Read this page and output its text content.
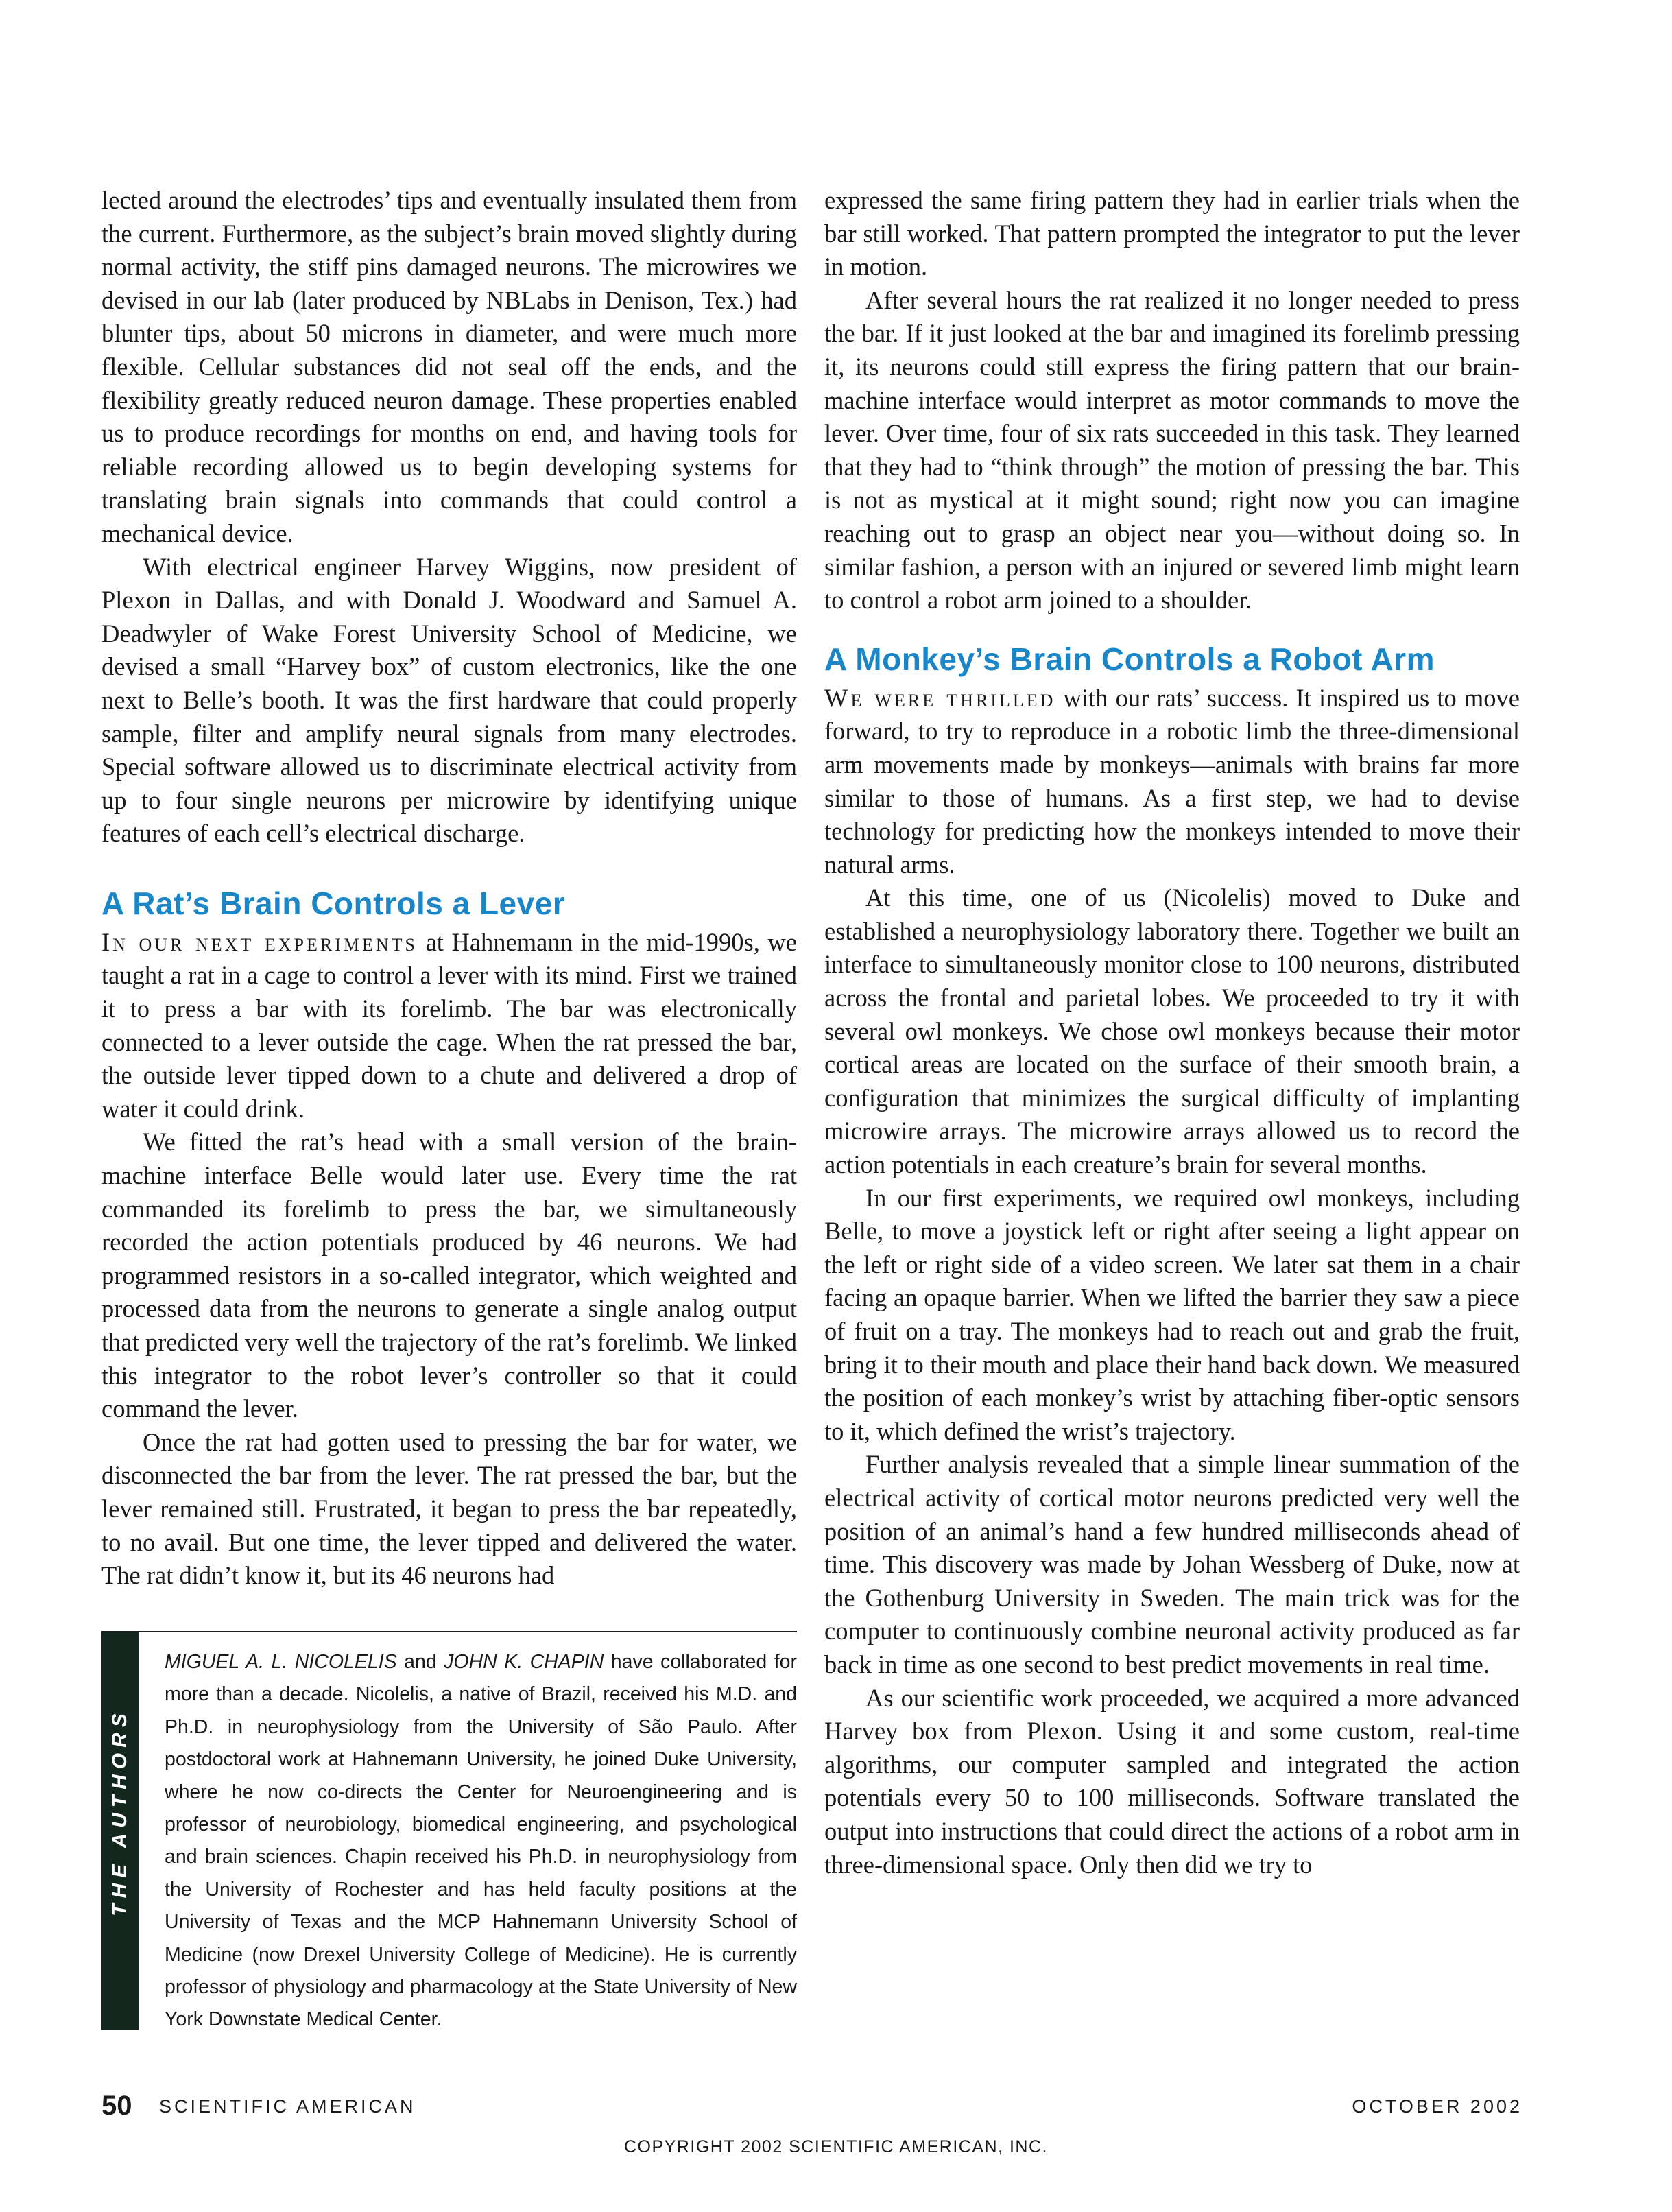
lected around the electrodes’ tips and eventually insulated them from the current. Furthermore, as the subject’s brain moved slightly during normal activity, the stiff pins damaged neurons. The microwires we devised in our lab (later produced by NBLabs in Denison, Tex.) had blunter tips, about 50 microns in diameter, and were much more flexible. Cellular substances did not seal off the ends, and the flexibility greatly reduced neuron damage. These properties enabled us to produce recordings for months on end, and having tools for reliable recording allowed us to begin developing systems for translating brain signals into commands that could control a mechanical device.

With electrical engineer Harvey Wiggins, now president of Plexon in Dallas, and with Donald J. Woodward and Samuel A. Deadwyler of Wake Forest University School of Medicine, we devised a small “Harvey box” of custom electronics, like the one next to Belle’s booth. It was the first hardware that could properly sample, filter and amplify neural signals from many electrodes. Special software allowed us to discriminate electrical activity from up to four single neurons per microwire by identifying unique features of each cell’s electrical discharge.

A Rat’s Brain Controls a Lever

In our next experiments at Hahnemann in the mid-1990s, we taught a rat in a cage to control a lever with its mind. First we trained it to press a bar with its forelimb. The bar was electronically connected to a lever outside the cage. When the rat pressed the bar, the outside lever tipped down to a chute and delivered a drop of water it could drink.

We fitted the rat’s head with a small version of the brain-machine interface Belle would later use. Every time the rat commanded its forelimb to press the bar, we simultaneously recorded the action potentials produced by 46 neurons. We had programmed resistors in a so-called integrator, which weighted and processed data from the neurons to generate a single analog output that predicted very well the trajectory of the rat’s forelimb. We linked this integrator to the robot lever’s controller so that it could command the lever.

Once the rat had gotten used to pressing the bar for water, we disconnected the bar from the lever. The rat pressed the bar, but the lever remained still. Frustrated, it began to press the bar repeatedly, to no avail. But one time, the lever tipped and delivered the water. The rat didn’t know it, but its 46 neurons had

THE AUTHORS
MIGUEL A. L. NICOLELIS and JOHN K. CHAPIN have collaborated for more than a decade. Nicolelis, a native of Brazil, received his M.D. and Ph.D. in neurophysiology from the University of São Paulo. After postdoctoral work at Hahnemann University, he joined Duke University, where he now co-directs the Center for Neuroengineering and is professor of neurobiology, biomedical engineering, and psychological and brain sciences. Chapin received his Ph.D. in neurophysiology from the University of Rochester and has held faculty positions at the University of Texas and the MCP Hahnemann University School of Medicine (now Drexel University College of Medicine). He is currently professor of physiology and pharmacology at the State University of New York Downstate Medical Center.

expressed the same firing pattern they had in earlier trials when the bar still worked. That pattern prompted the integrator to put the lever in motion.

After several hours the rat realized it no longer needed to press the bar. If it just looked at the bar and imagined its forelimb pressing it, its neurons could still express the firing pattern that our brain-machine interface would interpret as motor commands to move the lever. Over time, four of six rats succeeded in this task. They learned that they had to “think through” the motion of pressing the bar. This is not as mystical at it might sound; right now you can imagine reaching out to grasp an object near you—without doing so. In similar fashion, a person with an injured or severed limb might learn to control a robot arm joined to a shoulder.

A Monkey’s Brain Controls a Robot Arm

We were thrilled with our rats’ success. It inspired us to move forward, to try to reproduce in a robotic limb the three-dimensional arm movements made by monkeys—animals with brains far more similar to those of humans. As a first step, we had to devise technology for predicting how the monkeys intended to move their natural arms.

At this time, one of us (Nicolelis) moved to Duke and established a neurophysiology laboratory there. Together we built an interface to simultaneously monitor close to 100 neurons, distributed across the frontal and parietal lobes. We proceeded to try it with several owl monkeys. We chose owl monkeys because their motor cortical areas are located on the surface of their smooth brain, a configuration that minimizes the surgical difficulty of implanting microwire arrays. The microwire arrays allowed us to record the action potentials in each creature’s brain for several months.

In our first experiments, we required owl monkeys, including Belle, to move a joystick left or right after seeing a light appear on the left or right side of a video screen. We later sat them in a chair facing an opaque barrier. When we lifted the barrier they saw a piece of fruit on a tray. The monkeys had to reach out and grab the fruit, bring it to their mouth and place their hand back down. We measured the position of each monkey’s wrist by attaching fiber-optic sensors to it, which defined the wrist’s trajectory.

Further analysis revealed that a simple linear summation of the electrical activity of cortical motor neurons predicted very well the position of an animal’s hand a few hundred milliseconds ahead of time. This discovery was made by Johan Wessberg of Duke, now at the Gothenburg University in Sweden. The main trick was for the computer to continuously combine neuronal activity produced as far back in time as one second to best predict movements in real time.

As our scientific work proceeded, we acquired a more advanced Harvey box from Plexon. Using it and some custom, real-time algorithms, our computer sampled and integrated the action potentials every 50 to 100 milliseconds. Software translated the output into instructions that could direct the actions of a robot arm in three-dimensional space. Only then did we try to

50 SCIENTIFIC AMERICAN	OCTOBER 2002
COPYRIGHT 2002 SCIENTIFIC AMERICAN, INC.
